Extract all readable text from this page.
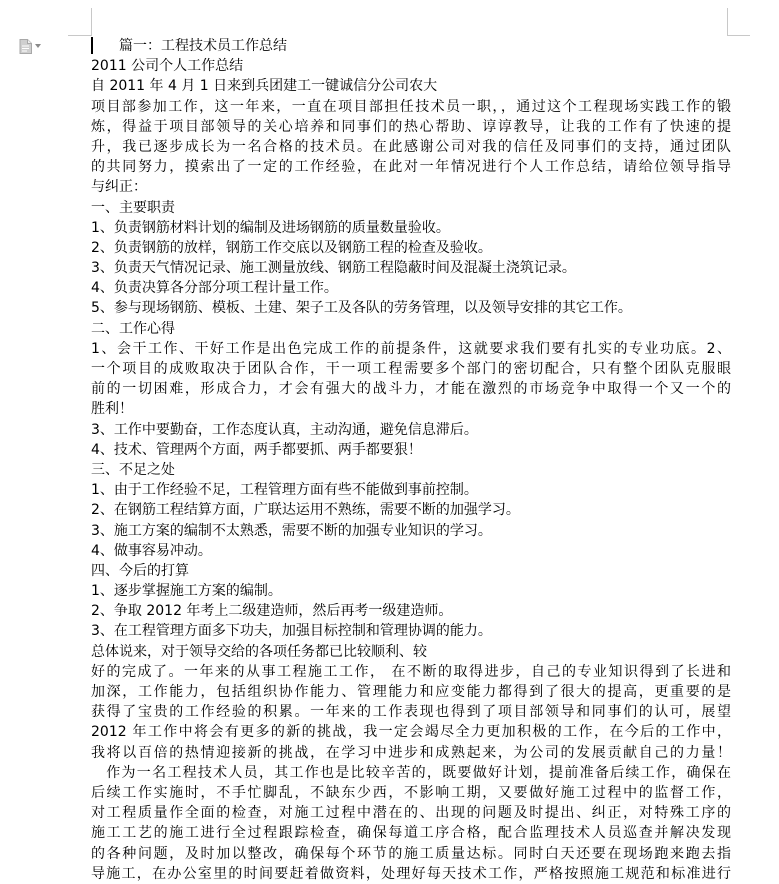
　　篇一：工程技术员工作总结
2011 公司个人工作总结
自 2011 年 4 月 1 日来到兵团建工一键诚信分公司农大
项目部参加工作，这一年来，一直在项目部担任技术员一职，，通过这个工程现场实践工作的锻
炼，得益于项目部领导的关心培养和同事们的热心帮助、谆谆教导，让我的工作有了快速的提
升，我已逐步成长为一名合格的技术员。在此感谢公司对我的信任及同事们的支持，通过团队
的共同努力，摸索出了一定的工作经验，在此对一年情况进行个人工作总结，请给位领导指导
与纠正：
一、主要职责
1、负责钢筋材料计划的编制及进场钢筋的质量数量验收。
2、负责钢筋的放样，钢筋工作交底以及钢筋工程的检查及验收。
3、负责天气情况记录、施工测量放线、钢筋工程隐蔽时间及混凝土浇筑记录。
4、负责决算各分部分项工程计量工作。
5、参与现场钢筋、模板、土建、架子工及各队的劳务管理，以及领导安排的其它工作。
二、工作心得
1、会干工作、干好工作是出色完成工作的前提条件，这就要求我们要有扎实的专业功底。2、
一个项目的成败取决于团队合作，干一项工程需要多个部门的密切配合，只有整个团队克服眼
前的一切困难，形成合力，才会有强大的战斗力，才能在激烈的市场竞争中取得一个又一个的
胜利！
3、工作中要勤奋，工作态度认真，主动沟通，避免信息滞后。
4、技术、管理两个方面，两手都要抓、两手都要狠！
三、不足之处
1、由于工作经验不足，工程管理方面有些不能做到事前控制。
2、在钢筋工程结算方面，广联达运用不熟练，需要不断的加强学习。
3、施工方案的编制不太熟悉，需要不断的加强专业知识的学习。
4、做事容易冲动。
四、今后的打算
1、逐步掌握施工方案的编制。
2、争取 2012 年考上二级建造师，然后再考一级建造师。
3、在工程管理方面多下功夫，加强目标控制和管理协调的能力。
总体说来，对于领导交给的各项任务都已比较顺利、较
好的完成了。一年来的从事工程施工工作， 在不断的取得进步，自己的专业知识得到了长进和
加深，工作能力，包括组织协作能力、管理能力和应变能力都得到了很大的提高，更重要的是
获得了宝贵的工作经验的积累。一年来的工作表现也得到了项目部领导和同事们的认可，展望
2012 年工作中将会有更多的新的挑战，我一定会竭尽全力更加积极的工作，在今后的工作中，
我将以百倍的热情迎接新的挑战，在学习中进步和成熟起来，为公司的发展贡献自己的力量！
　作为一名工程技术人员，其工作也是比较辛苦的，既要做好计划，提前准备后续工作，确保在
后续工作实施时，不手忙脚乱，不缺东少西，不影响工期，又要做好施工过程中的监督工作，
对工程质量作全面的检查，对施工过程中潜在的、出现的问题及时提出、纠正，对特殊工序的
施工工艺的施工进行全过程跟踪检查，确保每道工序合格，配合监理技术人员巡查并解决发现
的各种问题，及时加以整改，确保每个环节的施工质量达标。同时白天还要在现场跑来跑去指
导施工，在办公室里的时间要赶着做资料，处理好每天技术工作，严格按照施工规范和标准进行
